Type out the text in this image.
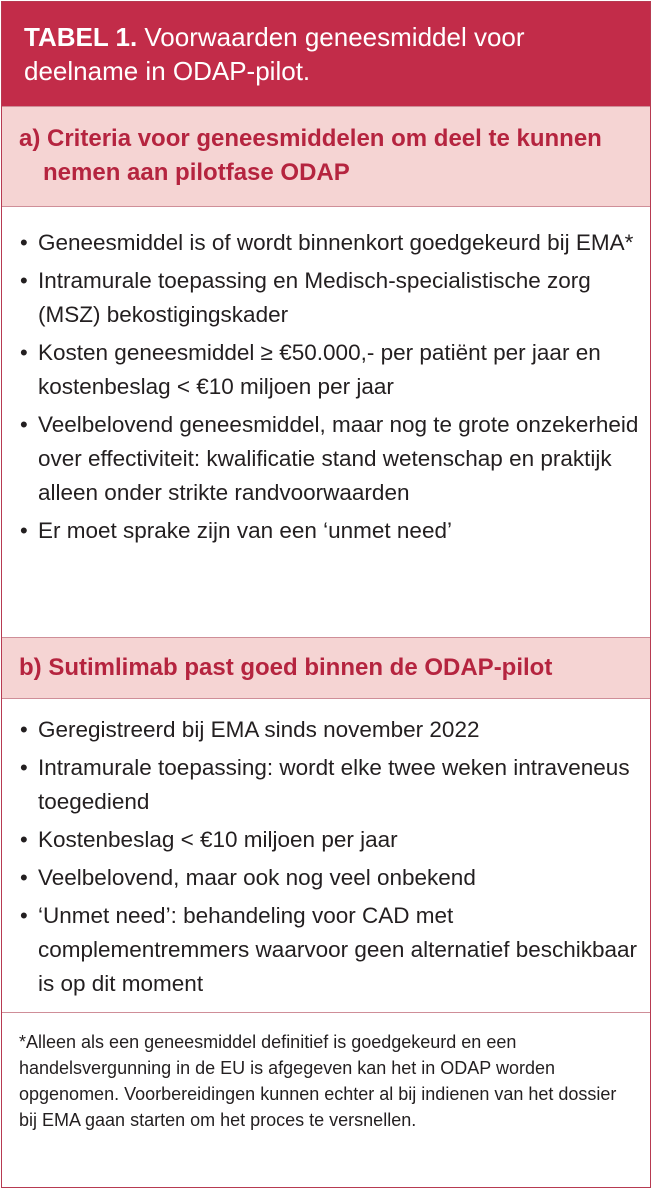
TABEL 1. Voorwaarden geneesmiddel voor deelname in ODAP-pilot.
a) Criteria voor geneesmiddelen om deel te kunnen
nemen aan pilotfase ODAP
• Geneesmiddel is of wordt binnenkort goedgekeurd bij EMA*
• Intramurale toepassing en Medisch-specialistische zorg (MSZ) bekostigingskader
• Kosten geneesmiddel ≥ €50.000,- per patiënt per jaar en kostenbeslag < €10 miljoen per jaar
• Veelbelovend geneesmiddel, maar nog te grote onzekerheid over effectiviteit: kwalificatie stand wetenschap en praktijk alleen onder strikte randvoorwaarden
• Er moet sprake zijn van een ‘unmet need’
b) Sutimlimab past goed binnen de ODAP-pilot
• Geregistreerd bij EMA sinds november 2022
• Intramurale toepassing: wordt elke twee weken intraveneus toegediend
• Kostenbeslag < €10 miljoen per jaar
• Veelbelovend, maar ook nog veel onbekend
• ‘Unmet need’: behandeling voor CAD met complementremmers waarvoor geen alternatief beschikbaar is op dit moment
*Alleen als een geneesmiddel definitief is goedgekeurd en een handelsvergunning in de EU is afgegeven kan het in ODAP worden opgenomen. Voorbereidingen kunnen echter al bij indienen van het dossier bij EMA gaan starten om het proces te versnellen.
